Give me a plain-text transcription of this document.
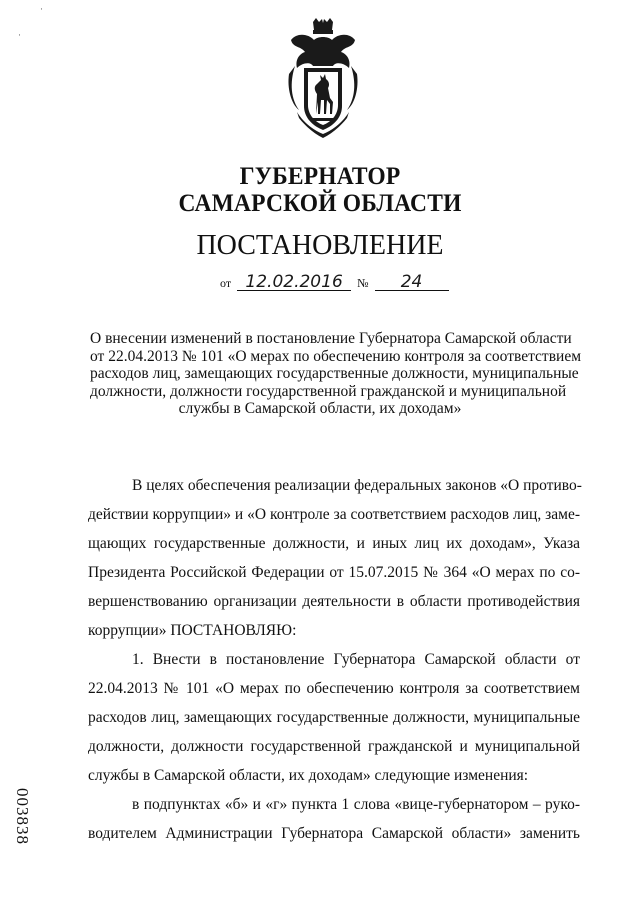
·
·
ГУБЕРНАТОР
САМАРСКОЙ ОБЛАСТИ
ПОСТАНОВЛЕНИЕ
от 12.02.2016 № 24
О внесении изменений в постановление Губернатора Самарской области
от 22.04.2013 № 101 «О мерах по обеспечению контроля за соответствием
расходов лиц, замещающих государственные должности, муниципальные
должности, должности государственной гражданской и муниципальной
службы в Самарской области, их доходам»
В целях обеспечения реализации федеральных законов «О противо-
действии коррупции» и «О контроле за соответствием расходов лиц, заме-
щающих государственные должности, и иных лиц их доходам», Указа
Президента Российской Федерации от 15.07.2015 № 364 «О мерах по со-
вершенствованию организации деятельности в области противодействия
коррупции» ПОСТАНОВЛЯЮ:
1. Внести в постановление Губернатора Самарской области от
22.04.2013 № 101 «О мерах по обеспечению контроля за соответствием
расходов лиц, замещающих государственные должности, муниципальные
должности, должности государственной гражданской и муниципальной
службы в Самарской области, их доходам» следующие изменения:
в подпунктах «б» и «г» пункта 1 слова «вице-губернатором – руко-
водителем Администрации Губернатора Самарской области» заменить
003838
